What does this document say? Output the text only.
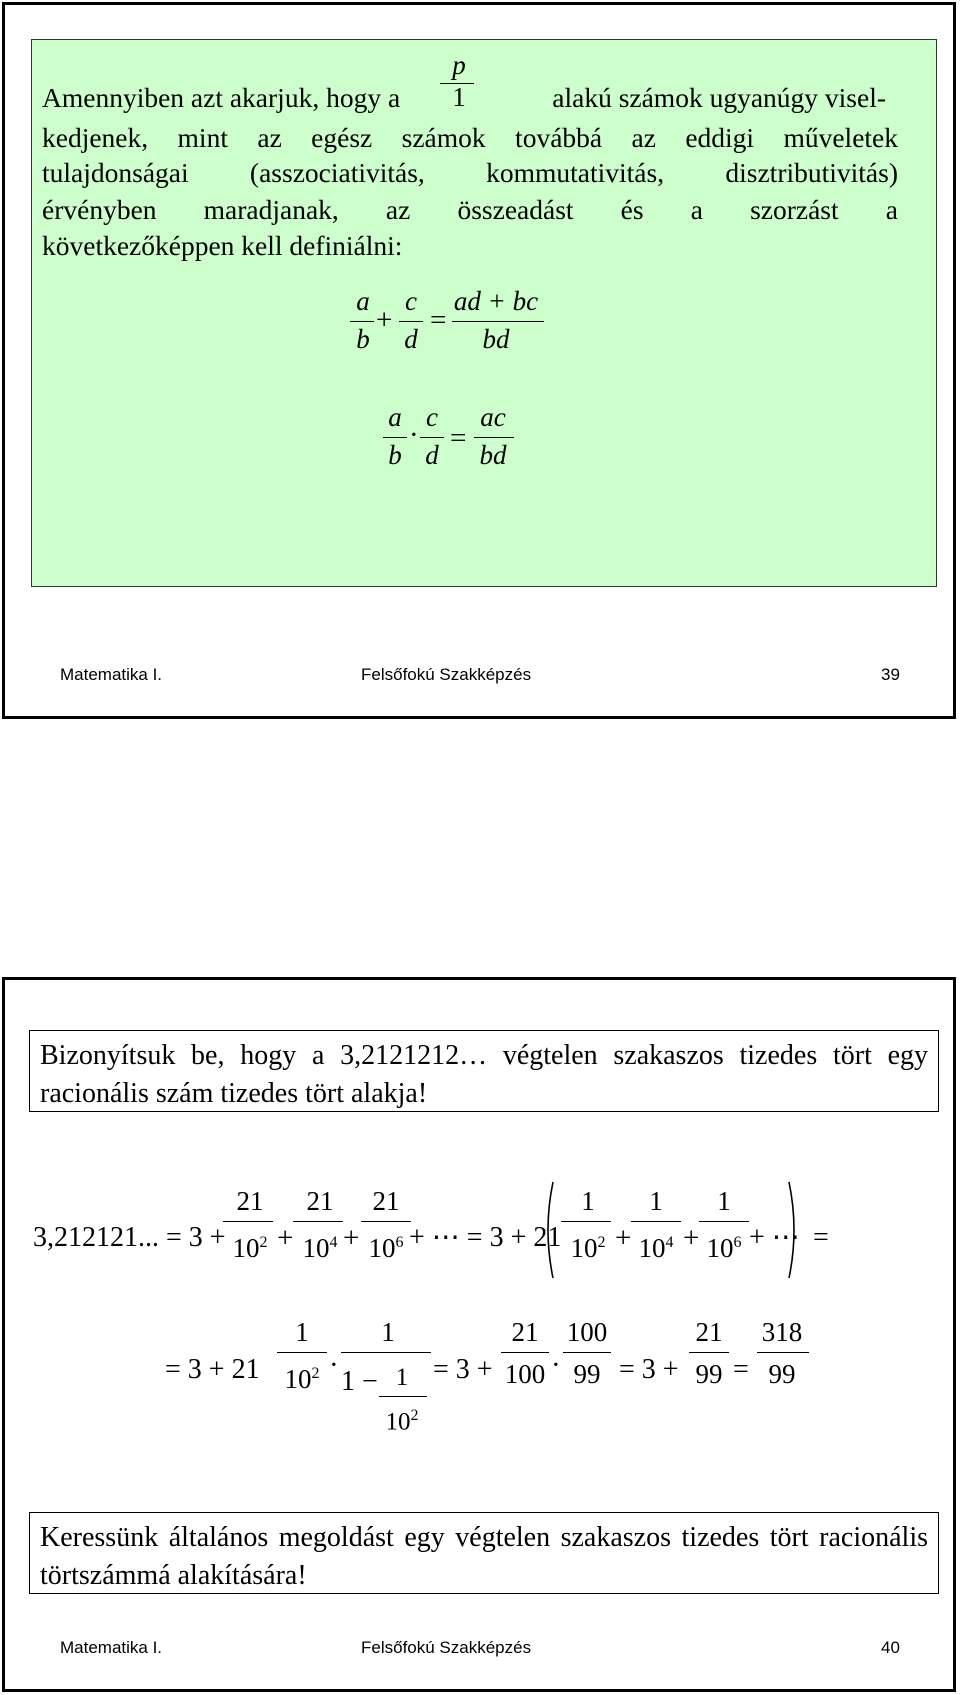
Amennyiben azt akarjuk, hogy a
p
1	alakú számok ugyanúgy visel-
kedjenek, mint az egész számok továbbá az eddigi műveletek
tulajdonságai (asszociativitás, kommutativitás, disztributivitás)
érvényben maradjanak, az összeadást és a szorzást a
következőképpen kell definiálni:
a
b
+
c
d
=
ad + bc
bd
a
b
·
c
d
=
ac
bd
Matematika I.	Felsőfokú Szakképzés	39
Bizonyítsuk be, hogy a 3,2121212… végtelen szakaszos tizedes tört egy racionális szám tizedes tört alakja!
3,212121... = 3 +
21
$10^2$ +
21
$10^4$ +
21
$10^6$ + ⋯ = 3 + 21
1
$10^2$ +
1
$10^4$ +
1
$10^6$ + ⋯ =
= 3 + 21
1
$10^2$ ·
1
1 − 1
$10^2$
= 3 +
21
100 ·
100
99 = 3 +
21
99 =
318
99
Keressünk általános megoldást egy végtelen szakaszos tizedes tört racionális törtszámmá alakítására!
Matematika I.	Felsőfokú Szakképzés	40
